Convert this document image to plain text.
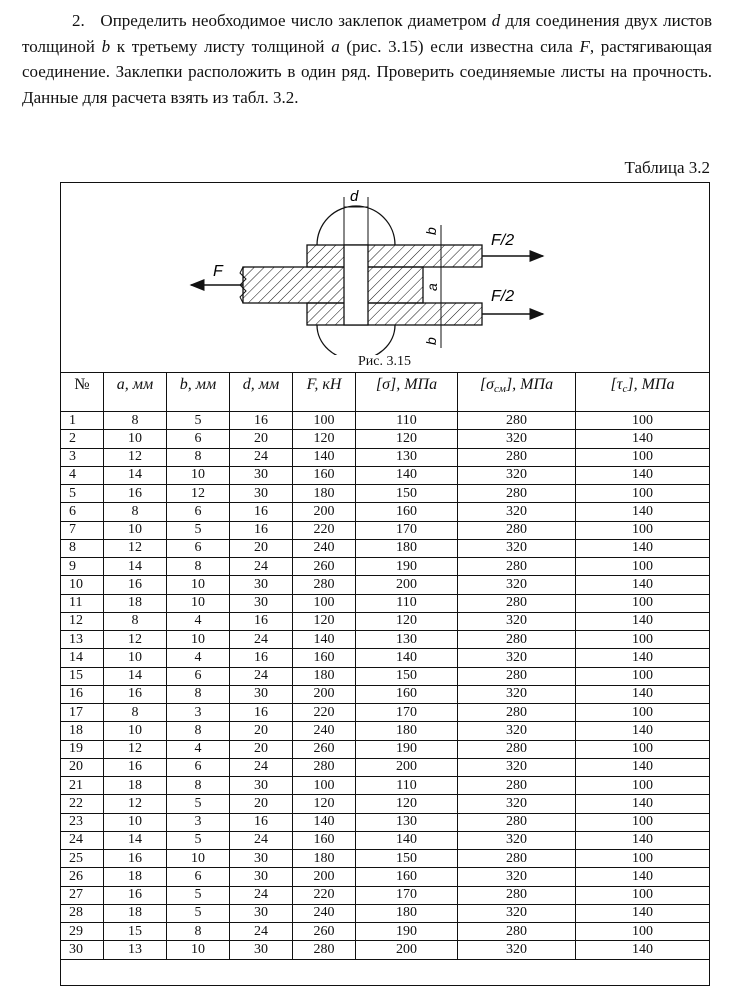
2. Определить необходимое число заклепок диаметром d для соединения двух листов толщиной b к третьему листу толщиной a (рис. 3.15) если известна сила F, растягивающая соединение. Заклепки расположить в один ряд. Проверить соединяемые листы на прочность. Данные для расчета взять из табл. 3.2.

Таблица 3.2
d
b
a
b
F
F/2
F/2
Рис. 3.15
№	a, мм	b, мм	d, мм	F, кН	[σ], МПа	$[\sigma_{см}]$, МПа	$[\tau_с]$, МПа
1	8	5	16	100	110	280	100
2	10	6	20	120	120	320	140
3	12	8	24	140	130	280	100
4	14	10	30	160	140	320	140
5	16	12	30	180	150	280	100
6	8	6	16	200	160	320	140
7	10	5	16	220	170	280	100
8	12	6	20	240	180	320	140
9	14	8	24	260	190	280	100
10	16	10	30	280	200	320	140
11	18	10	30	100	110	280	100
12	8	4	16	120	120	320	140
13	12	10	24	140	130	280	100
14	10	4	16	160	140	320	140
15	14	6	24	180	150	280	100
16	16	8	30	200	160	320	140
17	8	3	16	220	170	280	100
18	10	8	20	240	180	320	140
19	12	4	20	260	190	280	100
20	16	6	24	280	200	320	140
21	18	8	30	100	110	280	100
22	12	5	20	120	120	320	140
23	10	3	16	140	130	280	100
24	14	5	24	160	140	320	140
25	16	10	30	180	150	280	100
26	18	6	30	200	160	320	140
27	16	5	24	220	170	280	100
28	18	5	30	240	180	320	140
29	15	8	24	260	190	280	100
30	13	10	30	280	200	320	140
